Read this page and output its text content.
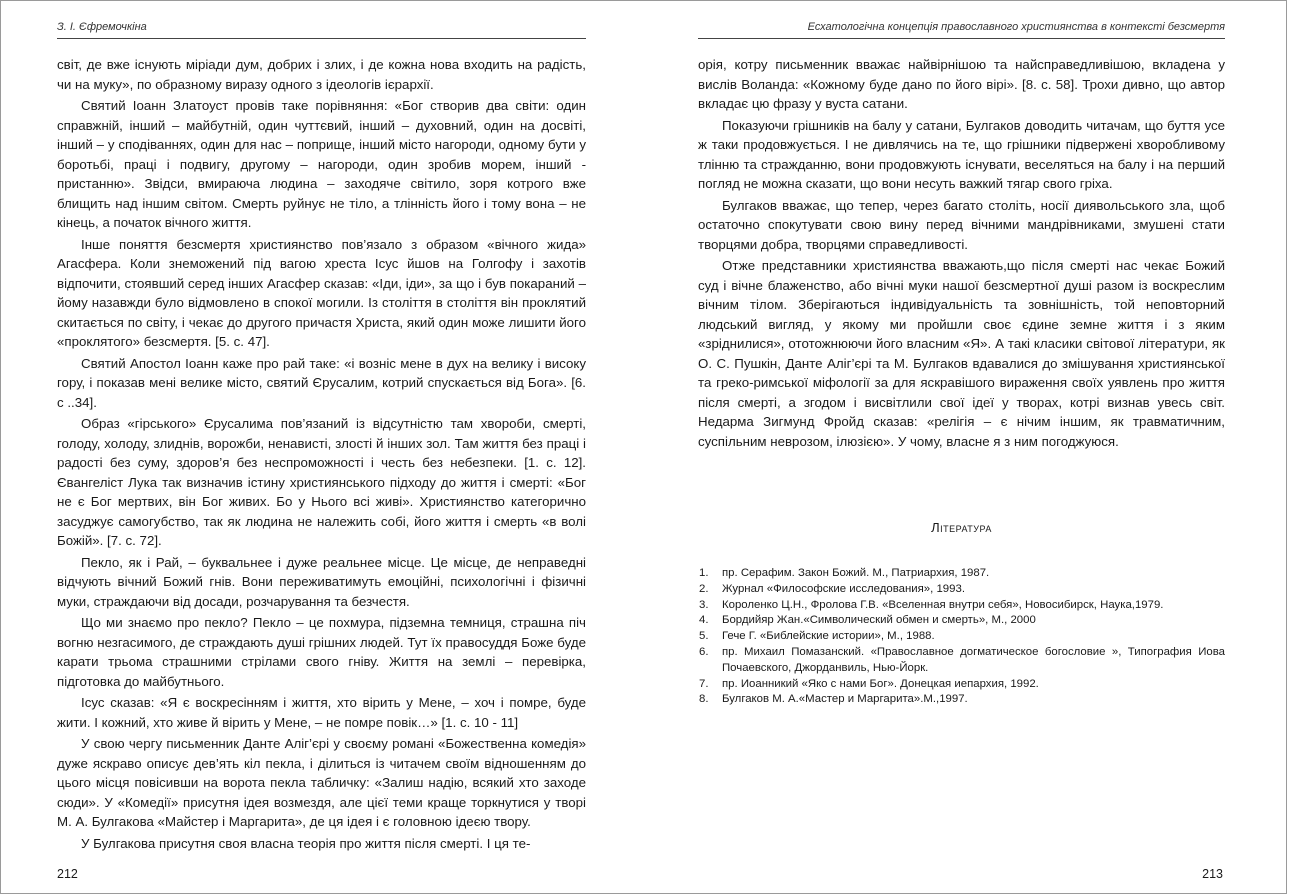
З. І. Єфремочкіна

світ, де вже існують міріади дум, добрих і злих, і де кожна нова входить на радість, чи на муку», по образному виразу одного з ідеологів ієрархії.

Святий Іоанн Златоуст провів таке порівняння: «Бог створив два світи: один справжній, інший – майбутній, один чуттєвий, інший – духовний, один на досвіті, інший – у сподіваннях, один для нас – поприще, інший місто нагороди, одному бути у боротьбі, праці і подвигу, другому – нагороди, один зробив морем, інший - пристанню». Звідси, вмираюча людина – заходяче світило, зоря котрого вже блищить над іншим світом. Смерть руйнує не тіло, а тлінність його і тому вона – не кінець, а початок вічного життя.

Інше поняття безсмертя християнство пов’язало з образом «вічного жида» Агасфера. Коли знеможений під вагою хреста Ісус йшов на Голгофу і захотів відпочити, стоявший серед інших Агасфер сказав: «Іди, іди», за що і був покараний – йому назавжди було відмовлено в спокої могили. Із століття в століття він проклятий скитається по світу, і чекає до другого причастя Христа, який один може лишити його «проклятого» безсмертя. [5. с. 47].

Святий Апостол Іоанн каже про рай таке: «і возніс мене в дух на велику і високу гору, і показав мені велике місто, святий Єрусалим, котрий спускається від Бога». [6. с ..34].

Образ «гірського» Єрусалима пов’язаний із відсутністю там хвороби, смерті, голоду, холоду, злиднів, ворожби, ненависті, злості й інших зол. Там життя без праці і радості без суму, здоров’я без неспроможності і честь без небезпеки. [1. с. 12]. Євангеліст Лука так визначив істину християнського підходу до життя і смерті: «Бог не є Бог мертвих, він Бог живих. Бо у Нього всі живі». Християнство категорично засуджує самогубство, так як людина не належить собі, його життя і смерть «в волі Божій». [7. с. 72].

Пекло, як і Рай, – буквальнее і дуже реальнее місце. Це місце, де неправедні відчують вічний Божий гнів. Вони переживатимуть емоційні, психологічні і фізичні муки, страждаючи від досади, розчарування та безчестя.

Що ми знаємо про пекло? Пекло – це похмура, підземна темниця, страшна піч вогню незгасимого, де страждають душі грішних людей. Тут їх правосуддя Боже буде карати трьома страшними стрілами свого гніву. Життя на землі – перевірка, підготовка до майбутнього.

Ісус сказав: «Я є воскресінням і життя, хто вірить у Мене, – хоч і помре, буде жити. І кожний, хто живе й вірить у Мене, – не помре повік…» [1. с. 10 - 11]

У свою чергу письменник Данте Аліг’єрі у своєму романі «Божественна комедія» дуже яскраво описує дев’ять кіл пекла, і ділиться із читачем своїм відношенням до цього місця повісивши на ворота пекла табличку: «Залиш надію, всякий хто заходе сюди». У «Комедії» присутня ідея возмездя, але цієї теми краще торкнутися у творі М. А. Булгакова «Майстер і Маргарита», де ця ідея і є головною ідеєю твору.

У Булгакова присутня своя власна теорія про життя після смерті. І ця те-

212
Есхатологічна концепція православного християнства в контексті безсмертя

орія, котру письменник вважає найвірнішою та найсправедливішою, вкладена у вислів Воланда: «Кожному буде дано по його вірі». [8. с. 58]. Трохи дивно, що автор вкладає цю фразу у вуста сатани.

Показуючи грішників на балу у сатани, Булгаков доводить читачам, що буття усе ж таки продовжується. І не дивлячись на те, що грішники підвержені хворобливому тлінню та стражданню, вони продовжують існувати, веселяться на балу і на перший погляд не можна сказати, що вони несуть важкий тягар свого гріха.

Булгаков вважає, що тепер, через багато століть, носії диявольського зла, щоб остаточно спокутувати свою вину перед вічними мандрівниками, змушені стати творцями добра, творцями справедливості.

Отже представники християнства вважають,що після смерті нас чекає Божий суд і вічне блаженство, або вічні муки нашої безсмертної душі разом із воскреслим вічним тілом. Зберігаються індивідуальність та зовнішність, той неповторний людський вигляд, у якому ми пройшли своє єдине земне життя і з яким «зріднилися», ототожнюючи його власним «Я». А такі класики світової літератури, як О. С. Пушкін, Данте Аліг’єрі та М. Булгаков вдавалися до змішування християнської та греко-римської міфології за для яскравішого вираження своїх уявлень про життя після смерті, а згодом і висвітлили свої ідеї у творах, котрі визнав увесь світ. Недарма Зигмунд Фройд сказав: «релігія – є нічим іншим, як травматичним, суспільним неврозом, ілюзією». У чому, власне я з ним погоджуюся.

Література
1. пр. Серафим. Закон Божий. М., Патриархия, 1987.
2. Журнал «Философские исследования», 1993.
3. Короленко Ц.Н., Фролова Г.В. «Вселенная внутри себя», Новосибирск, Наука,1979.
4. Бордийяр Жан.«Символический обмен и смерть», М., 2000
5. Гече Г. «Библейские истории», М., 1988.
6. пр. Михаил Помазанский. «Православное догматическое богословие », Типография Иова Почаевского, Джорданвиль, Нью-Йорк.
7. пр. Иоанникий «Яко с нами Бог». Донецкая иепархия, 1992.
8. Булгаков М. А.«Мастер и Маргарита».М.,1997.
213
